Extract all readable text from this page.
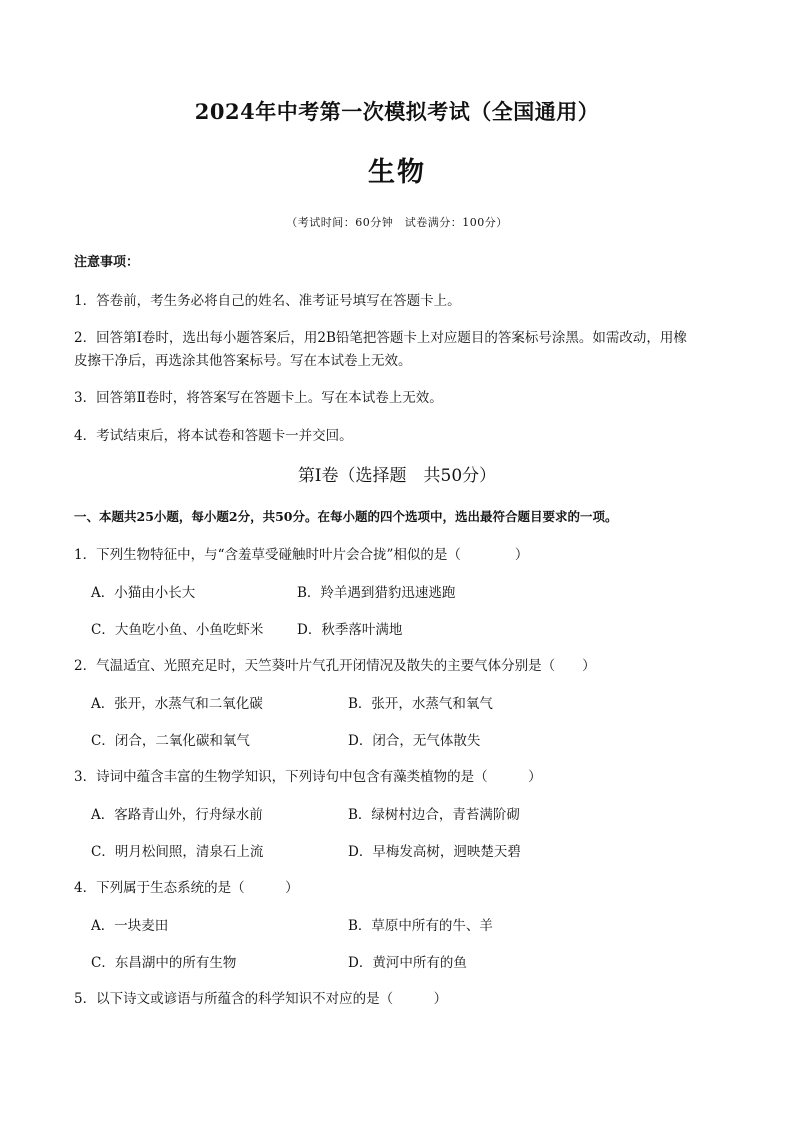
2024年中考第一次模拟考试（全国通用）
生物
（考试时间：60分钟　试卷满分：100分）
注意事项：
1．答卷前，考生务必将自己的姓名、准考证号填写在答题卡上。
2．回答第Ⅰ卷时，选出每小题答案后，用2B铅笔把答题卡上对应题目的答案标号涂黑。如需改动，用橡
皮擦干净后，再选涂其他答案标号。写在本试卷上无效。
3．回答第Ⅱ卷时，将答案写在答题卡上。写在本试卷上无效。
4．考试结束后，将本试卷和答题卡一并交回。
第Ⅰ卷（选择题　共50分）
一、本题共25小题，每小题2分，共50分。在每小题的四个选项中，选出最符合题目要求的一项。
1．下列生物特征中，与“含羞草受碰触时叶片会合拢”相似的是（　　　　）
A．小猫由小长大	B．羚羊遇到猎豹迅速逃跑
C．大鱼吃小鱼、小鱼吃虾米 D．秋季落叶满地
2．气温适宜、光照充足时，天竺葵叶片气孔开闭情况及散失的主要气体分别是（　　）
A．张开，水蒸气和二氧化碳	B．张开，水蒸气和氧气
C．闭合，二氧化碳和氧气	D．闭合，无气体散失
3．诗词中蕴含丰富的生物学知识，下列诗句中包含有藻类植物的是（　　　）
A．客路青山外，行舟绿水前	B．绿树村边合，青苔满阶砌
C．明月松间照，清泉石上流	D．早梅发高树，迥映楚天碧
4．下列属于生态系统的是（　　　）
A．一块麦田	B．草原中所有的牛、羊
C．东昌湖中的所有生物	D．黄河中所有的鱼
5．以下诗文或谚语与所蕴含的科学知识不对应的是（　　　）
